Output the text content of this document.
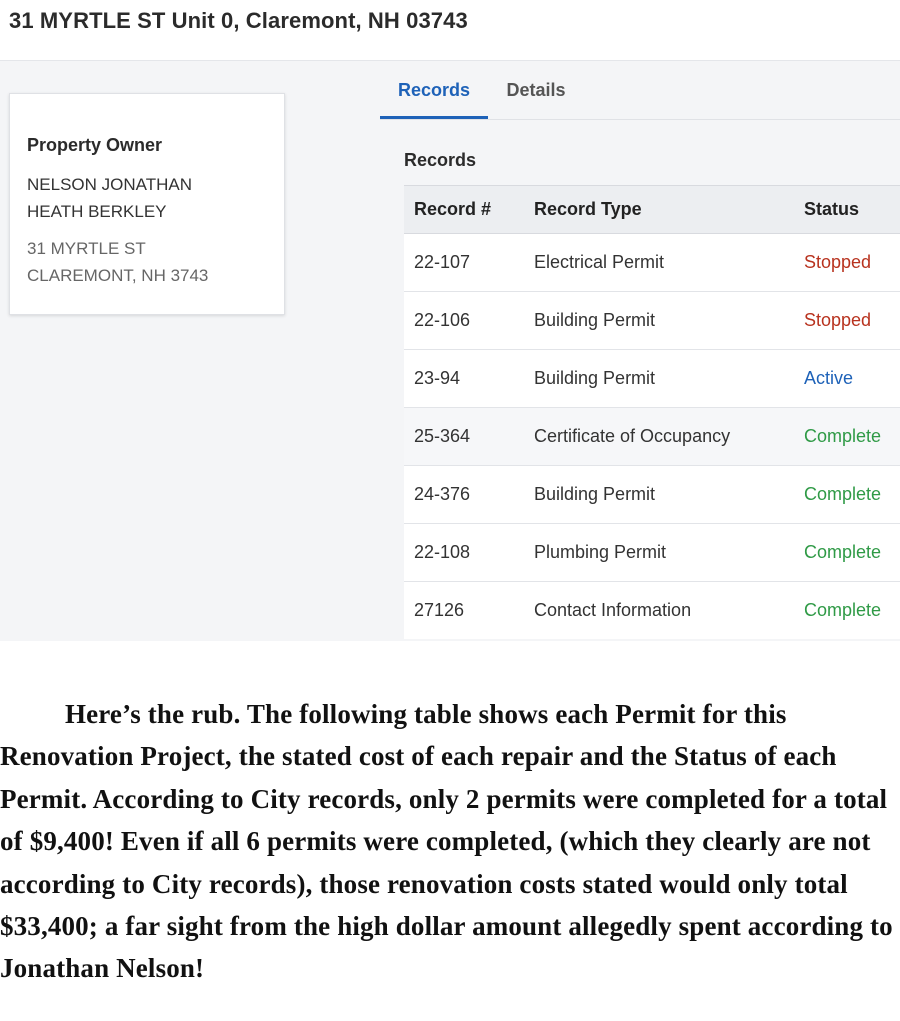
31 MYRTLE ST Unit 0, Claremont, NH 03743
Property Owner
NELSON JONATHAN
HEATH BERKLEY
31 MYRTLE ST
CLAREMONT, NH 3743
Records	Details
Records
Record #	Record Type	Status
22-107	Electrical Permit	Stopped
22-106	Building Permit	Stopped
23-94	Building Permit	Active
25-364	Certificate of Occupancy	Complete
24-376	Building Permit	Complete
22-108	Plumbing Permit	Complete
27126	Contact Information	Complete

Here’s the rub. The following table shows each Permit for this Renovation Project, the stated cost of each repair and the Status of each Permit. According to City records, only 2 permits were completed for a total of $9,400! Even if all 6 permits were completed, (which they clearly are not according to City records), those renovation costs stated would only total $33,400; a far sight from the high dollar amount allegedly spent according to Jonathan Nelson!
